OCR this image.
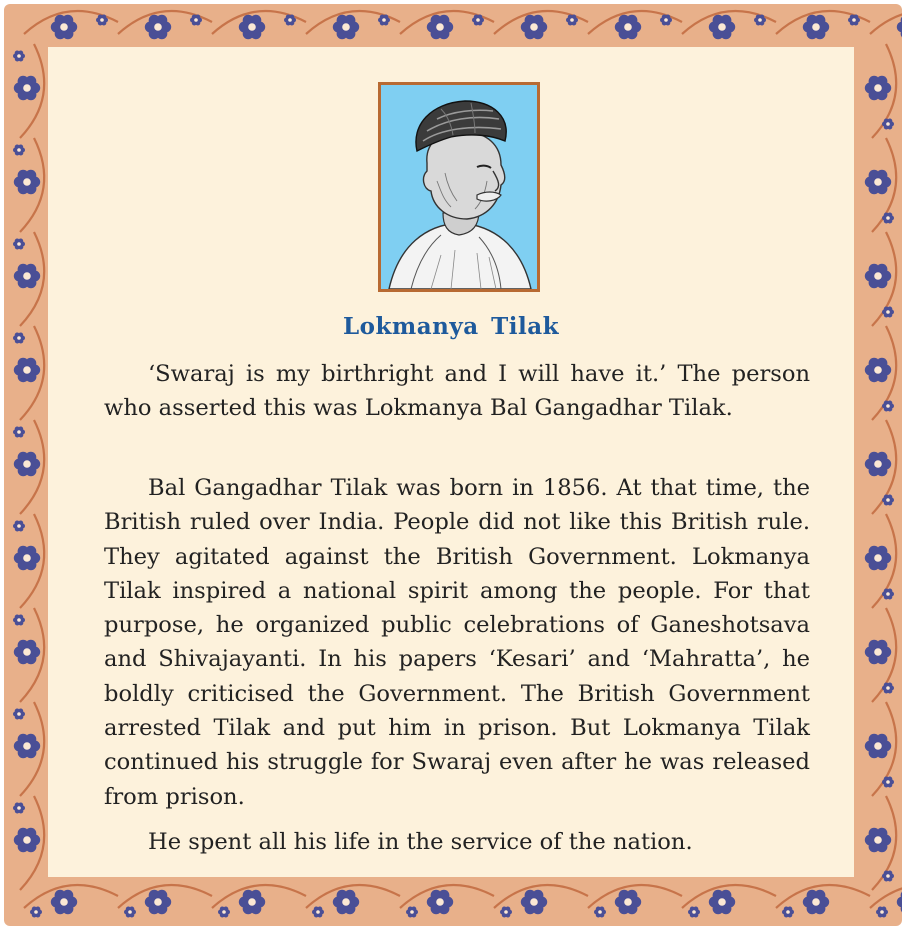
Lokmanya Tilak

‘Swaraj is my birthright and I will have it.’ The person who asserted this was Lokmanya Bal Gangadhar Tilak.

Bal Gangadhar Tilak was born in 1856. At that time, the British ruled over India. People did not like this British rule. They agitated against the British Government. Lokmanya Tilak inspired a national spirit among the people. For that purpose, he organized public celebrations of Ganeshotsava and Shivajayanti. In his papers ‘Kesari’ and ‘Mahratta’, he boldly criticised the Government. The British Government arrested Tilak and put him in prison. But Lokmanya Tilak continued his struggle for Swaraj even after he was released from prison.

He spent all his life in the service of the nation.
